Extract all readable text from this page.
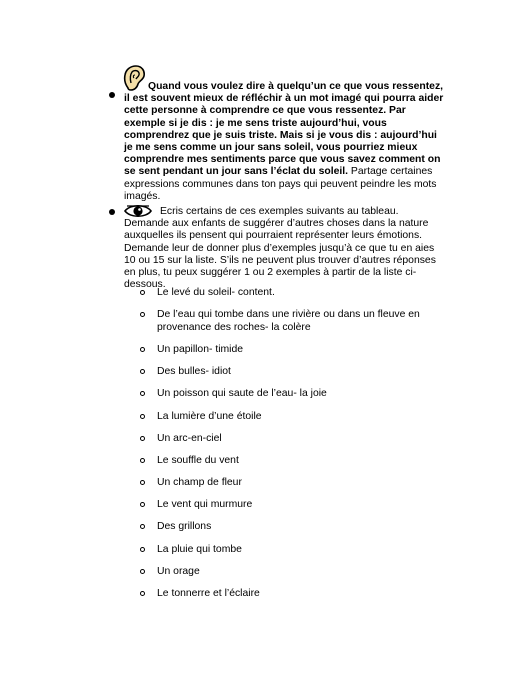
Quand vous voulez dire à quelqu’un ce que vous ressentez, il est souvent mieux de réfléchir à un mot imagé qui pourra aider cette personne à comprendre ce que vous ressentez. Par exemple si je dis : je me sens triste aujourd’hui, vous comprendrez que je suis triste. Mais si je vous dis : aujourd’hui je me sens comme un jour sans soleil, vous pourriez mieux comprendre mes sentiments parce que vous savez comment on se sent pendant un jour sans l’éclat du soleil. Partage certaines expressions communes dans ton pays qui peuvent peindre les mots imagés.
Ecris certains de ces exemples suivants au tableau. Demande aux enfants de suggérer d’autres choses dans la nature auxquelles ils pensent qui pourraient représenter leurs émotions. Demande leur de donner plus d’exemples jusqu’à ce que tu en aies 10 ou 15 sur la liste. S’ils ne peuvent plus trouver d’autres réponses en plus, tu peux suggérer 1 ou 2 exemples à partir de la liste ci-dessous.
Le levé du soleil- content.
De l’eau qui tombe dans une rivière ou dans un fleuve en provenance des roches- la colère
Un papillon- timide
Des bulles- idiot
Un poisson qui saute de l’eau- la joie
La lumière d’une étoile
Un arc-en-ciel
Le souffle du vent
Un champ de fleur
Le vent qui murmure
Des grillons
La pluie qui tombe
Un orage
Le tonnerre et l’éclaire
